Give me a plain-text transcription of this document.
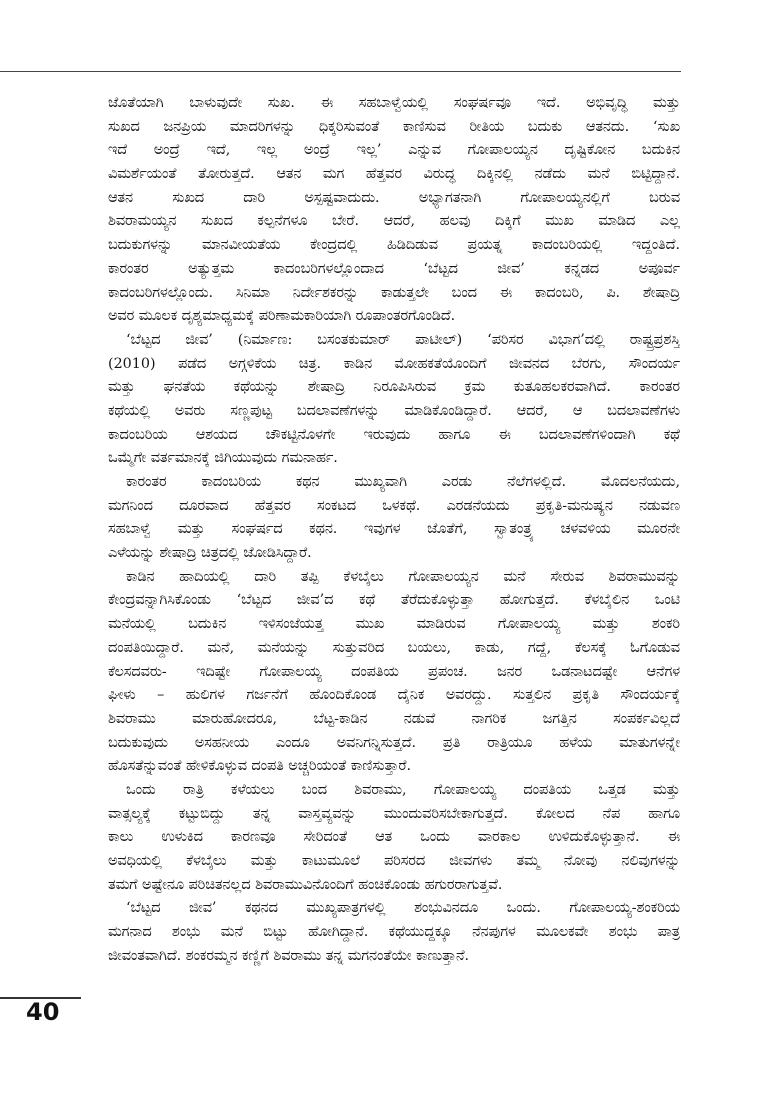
ಜೊತೆಯಾಗಿ ಬಾಳುವುದೇ ಸುಖ. ಈ ಸಹಬಾಳ್ವೆಯಲ್ಲಿ ಸಂಘರ್ಷವೂ ಇದೆ. ಅಭಿವೃದ್ಧಿ ಮತ್ತು
ಸುಖದ ಜನಪ್ರಿಯ ಮಾದರಿಗಳನ್ನು ಧಿಕ್ಕರಿಸುವಂತೆ ಕಾಣಿಸುವ ರೀತಿಯ ಬದುಕು ಆತನದು. ‘ಸುಖ
ಇದೆ ಅಂದ್ರೆ ಇದೆ, ಇಲ್ಲ ಅಂದ್ರೆ ಇಲ್ಲ’ ಎನ್ನುವ ಗೋಪಾಲಯ್ಯನ ದೃಷ್ಟಿಕೋನ ಬದುಕಿನ
ವಿಮರ್ಶೆಯಂತೆ ತೋರುತ್ತದೆ. ಆತನ ಮಗ ಹೆತ್ತವರ ವಿರುದ್ಧ ದಿಕ್ಕಿನಲ್ಲಿ ನಡೆದು ಮನೆ ಬಿಟ್ಟಿದ್ದಾನೆ.
ಆತನ ಸುಖದ ದಾರಿ ಅಸ್ಪಷ್ಟವಾದುದು. ಅಭ್ಯಾಗತನಾಗಿ ಗೋಪಾಲಯ್ಯನಲ್ಲಿಗೆ ಬರುವ
ಶಿವರಾಮಯ್ಯನ ಸುಖದ ಕಲ್ಪನೆಗಳೂ ಬೇರೆ. ಆದರೆ, ಹಲವು ದಿಕ್ಕಿಗೆ ಮುಖ ಮಾಡಿದ ಎಲ್ಲ
ಬದುಕುಗಳನ್ನು ಮಾನವೀಯತೆಯ ಕೇಂದ್ರದಲ್ಲಿ ಹಿಡಿದಿಡುವ ಪ್ರಯತ್ನ ಕಾದಂಬರಿಯಲ್ಲಿ ಇದ್ದಂತಿದೆ.
ಕಾರಂತರ ಅತ್ಯುತ್ತಮ ಕಾದಂಬರಿಗಳಲ್ಲೊಂದಾದ ‘ಬೆಟ್ಟದ ಜೀವ’ ಕನ್ನಡದ ಅಪೂರ್ವ
ಕಾದಂಬರಿಗಳಲ್ಲೊಂದು. ಸಿನಿಮಾ ನಿರ್ದೇಶಕರನ್ನು ಕಾಡುತ್ತಲೇ ಬಂದ ಈ ಕಾದಂಬರಿ, ಪಿ. ಶೇಷಾದ್ರಿ
ಅವರ ಮೂಲಕ ದೃಶ್ಯಮಾಧ್ಯಮಕ್ಕೆ ಪರಿಣಾಮಕಾರಿಯಾಗಿ ರೂಪಾಂತರಗೊಂಡಿದೆ.
‘ಬೆಟ್ಟದ ಜೀವ’ (ನಿರ್ಮಾಣ: ಬಸಂತಕುಮಾರ್ ಪಾಟೀಲ್) ‘ಪರಿಸರ ವಿಭಾಗ’ದಲ್ಲಿ ರಾಷ್ಟ್ರಪ್ರಶಸ್ತಿ
(2010) ಪಡೆದ ಅಗ್ಗಳಿಕೆಯ ಚಿತ್ರ. ಕಾಡಿನ ಮೋಹಕತೆಯೊಂದಿಗೆ ಜೀವನದ ಬೆರಗು, ಸೌಂದರ್ಯ
ಮತ್ತು ಘನತೆಯ ಕಥೆಯನ್ನು ಶೇಷಾದ್ರಿ ನಿರೂಪಿಸಿರುವ ಕ್ರಮ ಕುತೂಹಲಕರವಾಗಿದೆ. ಕಾರಂತರ
ಕಥೆಯಲ್ಲಿ ಅವರು ಸಣ್ಣಪುಟ್ಟ ಬದಲಾವಣೆಗಳನ್ನು ಮಾಡಿಕೊಂಡಿದ್ದಾರೆ. ಆದರೆ, ಆ ಬದಲಾವಣೆಗಳು
ಕಾದಂಬರಿಯ ಆಶಯದ ಚೌಕಟ್ಟಿನೊಳಗೇ ಇರುವುದು ಹಾಗೂ ಈ ಬದಲಾವಣೆಗಳಿಂದಾಗಿ ಕಥೆ
ಒಮ್ಮೆಗೇ ವರ್ತಮಾನಕ್ಕೆ ಜಿಗಿಯುವುದು ಗಮನಾರ್ಹ.
ಕಾರಂತರ ಕಾದಂಬರಿಯ ಕಥನ ಮುಖ್ಯವಾಗಿ ಎರಡು ನೆಲೆಗಳಲ್ಲಿದೆ. ಮೊದಲನೆಯದು,
ಮಗನಿಂದ ದೂರವಾದ ಹೆತ್ತವರ ಸಂಕಟದ ಒಳಕಥೆ. ಎರಡನೆಯದು ಪ್ರಕೃತಿ-ಮನುಷ್ಯನ ನಡುವಣ
ಸಹಬಾಳ್ವೆ ಮತ್ತು ಸಂಘರ್ಷದ ಕಥನ. ಇವುಗಳ ಜೊತೆಗೆ, ಸ್ವಾತಂತ್ರ್ಯ ಚಳವಳಿಯ ಮೂರನೇ
ಎಳೆಯನ್ನು ಶೇಷಾದ್ರಿ ಚಿತ್ರದಲ್ಲಿ ಜೋಡಿಸಿದ್ದಾರೆ.
ಕಾಡಿನ ಹಾದಿಯಲ್ಲಿ ದಾರಿ ತಪ್ಪಿ ಕೆಳಬೈಲು ಗೋಪಾಲಯ್ಯನ ಮನೆ ಸೇರುವ ಶಿವರಾಮುವನ್ನು
ಕೇಂದ್ರವನ್ನಾಗಿಸಿಕೊಂಡು ‘ಬೆಟ್ಟದ ಜೀವ’ದ ಕಥೆ ತೆರೆದುಕೊಳ್ಳುತ್ತಾ ಹೋಗುತ್ತದೆ. ಕೆಳಬೈಲಿನ ಒಂಟಿ
ಮನೆಯಲ್ಲಿ ಬದುಕಿನ ಇಳಿಸಂಜೆಯತ್ತ ಮುಖ ಮಾಡಿರುವ ಗೋಪಾಲಯ್ಯ ಮತ್ತು ಶಂಕರಿ
ದಂಪತಿಯಿದ್ದಾರೆ. ಮನೆ, ಮನೆಯನ್ನು ಸುತ್ತುವರಿದ ಬಯಲು, ಕಾಡು, ಗದ್ದೆ, ಕೆಲಸಕ್ಕೆ ಓಗೊಡುವ
ಕೆಲಸದವರು- ಇದಿಷ್ಟೇ ಗೋಪಾಲಯ್ಯ ದಂಪತಿಯ ಪ್ರಪಂಚ. ಜನರ ಒಡನಾಟದಷ್ಟೇ ಆನೆಗಳ
ಘೀಳು – ಹುಲಿಗಳ ಗರ್ಜನೆಗೆ ಹೊಂದಿಕೊಂಡ ದೈನಿಕ ಅವರದ್ದು. ಸುತ್ತಲಿನ ಪ್ರಕೃತಿ ಸೌಂದರ್ಯಕ್ಕೆ
ಶಿವರಾಮು ಮಾರುಹೋದರೂ, ಬೆಟ್ಟ-ಕಾಡಿನ ನಡುವೆ ನಾಗರಿಕ ಜಗತ್ತಿನ ಸಂಪರ್ಕವಿಲ್ಲದೆ
ಬದುಕುವುದು ಅಸಹನೀಯ ಎಂದೂ ಅವನಿಗನ್ನಿಸುತ್ತದೆ. ಪ್ರತಿ ರಾತ್ರಿಯೂ ಹಳೆಯ ಮಾತುಗಳನ್ನೇ
ಹೊಸತೆನ್ನುವಂತೆ ಹೇಳಿಕೊಳ್ಳುವ ದಂಪತಿ ಅಚ್ಚರಿಯಂತೆ ಕಾಣಿಸುತ್ತಾರೆ.
ಒಂದು ರಾತ್ರಿ ಕಳೆಯಲು ಬಂದ ಶಿವರಾಮು, ಗೋಪಾಲಯ್ಯ ದಂಪತಿಯ ಒತ್ತಡ ಮತ್ತು
ವಾತ್ಸಲ್ಯಕ್ಕೆ ಕಟ್ಟುಬಿದ್ದು ತನ್ನ ವಾಸ್ತವ್ಯವನ್ನು ಮುಂದುವರಿಸಬೇಕಾಗುತ್ತದೆ. ಕೋಲದ ನೆಪ ಹಾಗೂ
ಕಾಲು ಉಳುಕಿದ ಕಾರಣವೂ ಸೇರಿದಂತೆ ಆತ ಒಂದು ವಾರಕಾಲ ಉಳಿದುಕೊಳ್ಳುತ್ತಾನೆ. ಈ
ಅವಧಿಯಲ್ಲಿ ಕೆಳಬೈಲು ಮತ್ತು ಕಾಟುಮೂಲೆ ಪರಿಸರದ ಜೀವಗಳು ತಮ್ಮ ನೋವು ನಲಿವುಗಳನ್ನು
ತಮಗೆ ಅಷ್ಟೇನೂ ಪರಿಚಿತನಲ್ಲದ ಶಿವರಾಮುವಿನೊಂದಿಗೆ ಹಂಚಿಕೊಂಡು ಹಗುರರಾಗುತ್ತವೆ.
‘ಬೆಟ್ಟದ ಜೀವ’ ಕಥನದ ಮುಖ್ಯಪಾತ್ರಗಳಲ್ಲಿ ಶಂಭುವಿನದೂ ಒಂದು. ಗೋಪಾಲಯ್ಯ-ಶಂಕರಿಯ
ಮಗನಾದ ಶಂಭು ಮನೆ ಬಿಟ್ಟು ಹೋಗಿದ್ದಾನೆ. ಕಥೆಯುದ್ದಕ್ಕೂ ನೆನಪುಗಳ ಮೂಲಕವೇ ಶಂಭು ಪಾತ್ರ
ಜೀವಂತವಾಗಿದೆ. ಶಂಕರಮ್ಮನ ಕಣ್ಣಿಗೆ ಶಿವರಾಮು ತನ್ನ ಮಗನಂತೆಯೇ ಕಾಣುತ್ತಾನೆ.
40
